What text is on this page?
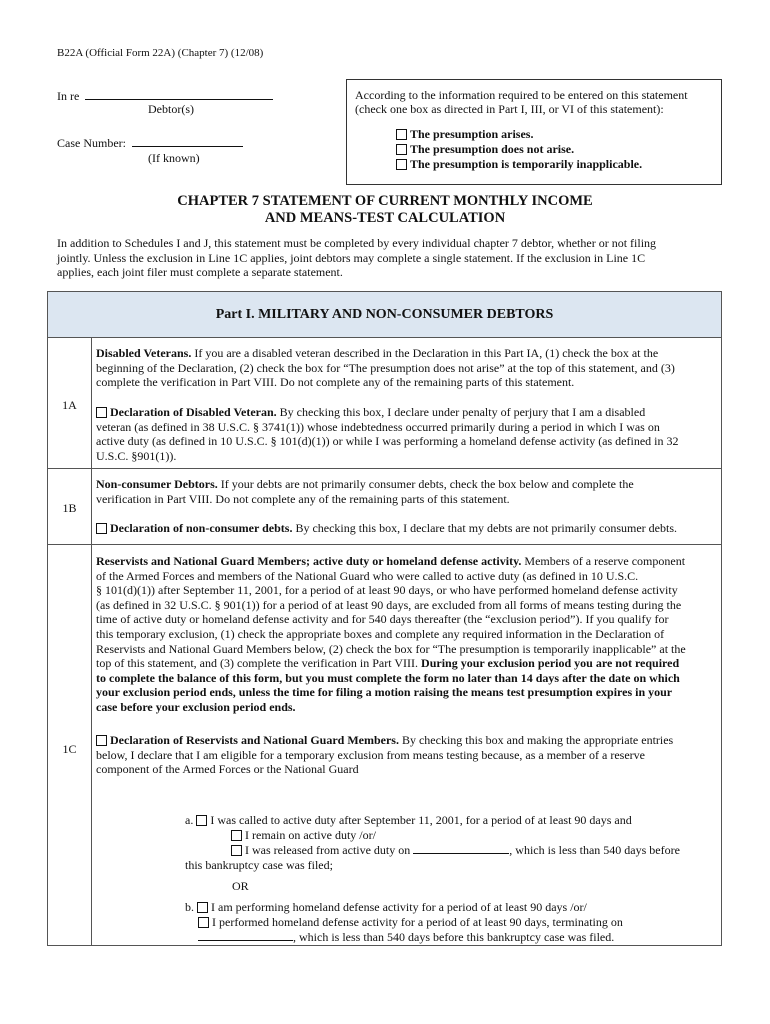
B22A (Official Form 22A) (Chapter 7) (12/08)
In re
Debtor(s)
Case Number:
(If known)
According to the information required to be entered on this statement
(check one box as directed in Part I, III, or VI of this statement):
The presumption arises.
The presumption does not arise.
The presumption is temporarily inapplicable.
CHAPTER 7 STATEMENT OF CURRENT MONTHLY INCOME
AND MEANS-TEST CALCULATION
In addition to Schedules I and J, this statement must be completed by every individual chapter 7 debtor, whether or not filing
jointly. Unless the exclusion in Line 1C applies, joint debtors may complete a single statement. If the exclusion in Line 1C
applies, each joint filer must complete a separate statement.
Part I. MILITARY AND NON-CONSUMER DEBTORS
1A
1B
1C
Disabled Veterans. If you are a disabled veteran described in the Declaration in this Part IA, (1) check the box at the
beginning of the Declaration, (2) check the box for “The presumption does not arise” at the top of this statement, and (3)
complete the verification in Part VIII. Do not complete any of the remaining parts of this statement.
Declaration of Disabled Veteran. By checking this box, I declare under penalty of perjury that I am a disabled
veteran (as defined in 38 U.S.C. § 3741(1)) whose indebtedness occurred primarily during a period in which I was on
active duty (as defined in 10 U.S.C. § 101(d)(1)) or while I was performing a homeland defense activity (as defined in 32
U.S.C. §901(1)).
Non-consumer Debtors. If your debts are not primarily consumer debts, check the box below and complete the
verification in Part VIII. Do not complete any of the remaining parts of this statement.
Declaration of non-consumer debts. By checking this box, I declare that my debts are not primarily consumer debts.
Reservists and National Guard Members; active duty or homeland defense activity. Members of a reserve component
of the Armed Forces and members of the National Guard who were called to active duty (as defined in 10 U.S.C.
§ 101(d)(1)) after September 11, 2001, for a period of at least 90 days, or who have performed homeland defense activity
(as defined in 32 U.S.C. § 901(1)) for a period of at least 90 days, are excluded from all forms of means testing during the
time of active duty or homeland defense activity and for 540 days thereafter (the “exclusion period”). If you qualify for
this temporary exclusion, (1) check the appropriate boxes and complete any required information in the Declaration of
Reservists and National Guard Members below, (2) check the box for “The presumption is temporarily inapplicable” at the
top of this statement, and (3) complete the verification in Part VIII. During your exclusion period you are not required
to complete the balance of this form, but you must complete the form no later than 14 days after the date on which
your exclusion period ends, unless the time for filing a motion raising the means test presumption expires in your
case before your exclusion period ends.
Declaration of Reservists and National Guard Members. By checking this box and making the appropriate entries
below, I declare that I am eligible for a temporary exclusion from means testing because, as a member of a reserve
component of the Armed Forces or the National Guard
a. I was called to active duty after September 11, 2001, for a period of at least 90 days and
I remain on active duty /or/
I was released from active duty on	, which is less than 540 days before
this bankruptcy case was filed;
OR
b. I am performing homeland defense activity for a period of at least 90 days /or/
I performed homeland defense activity for a period of at least 90 days, terminating on
, which is less than 540 days before this bankruptcy case was filed.
